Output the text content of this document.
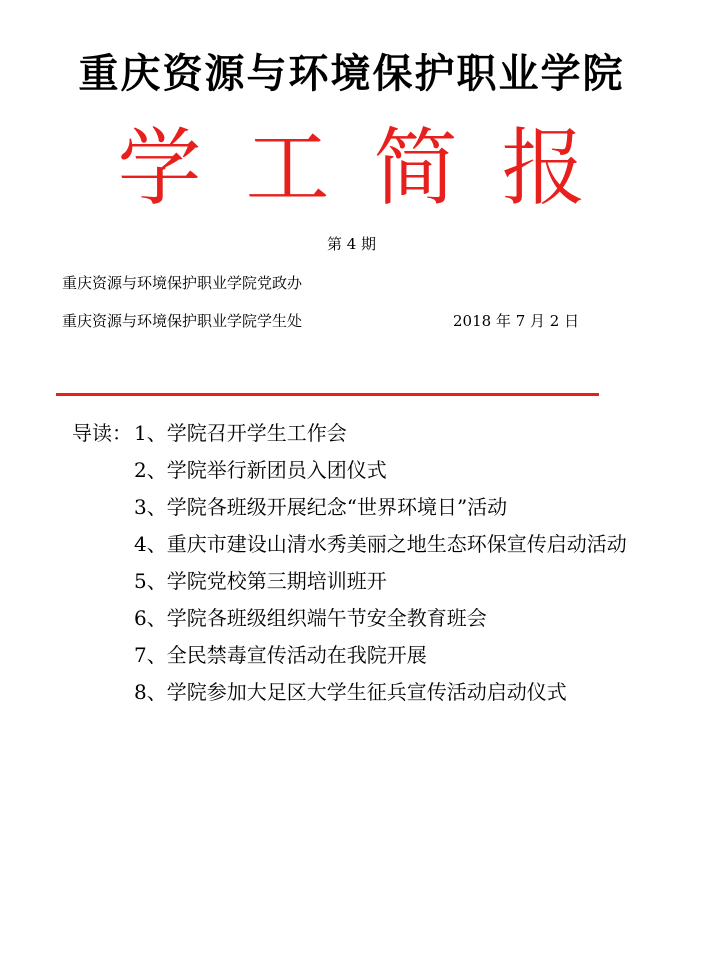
重庆资源与环境保护职业学院
学工简报
第 4 期
重庆资源与环境保护职业学院党政办
重庆资源与环境保护职业学院学生处	2018 年 7 月 2 日
导读： 1、学院召开学生工作会
2、学院举行新团员入团仪式
3、学院各班级开展纪念“世界环境日”活动
4、重庆市建设山清水秀美丽之地生态环保宣传启动活动
5、学院党校第三期培训班开
6、学院各班级组织端午节安全教育班会
7、全民禁毒宣传活动在我院开展
8、学院参加大足区大学生征兵宣传活动启动仪式
